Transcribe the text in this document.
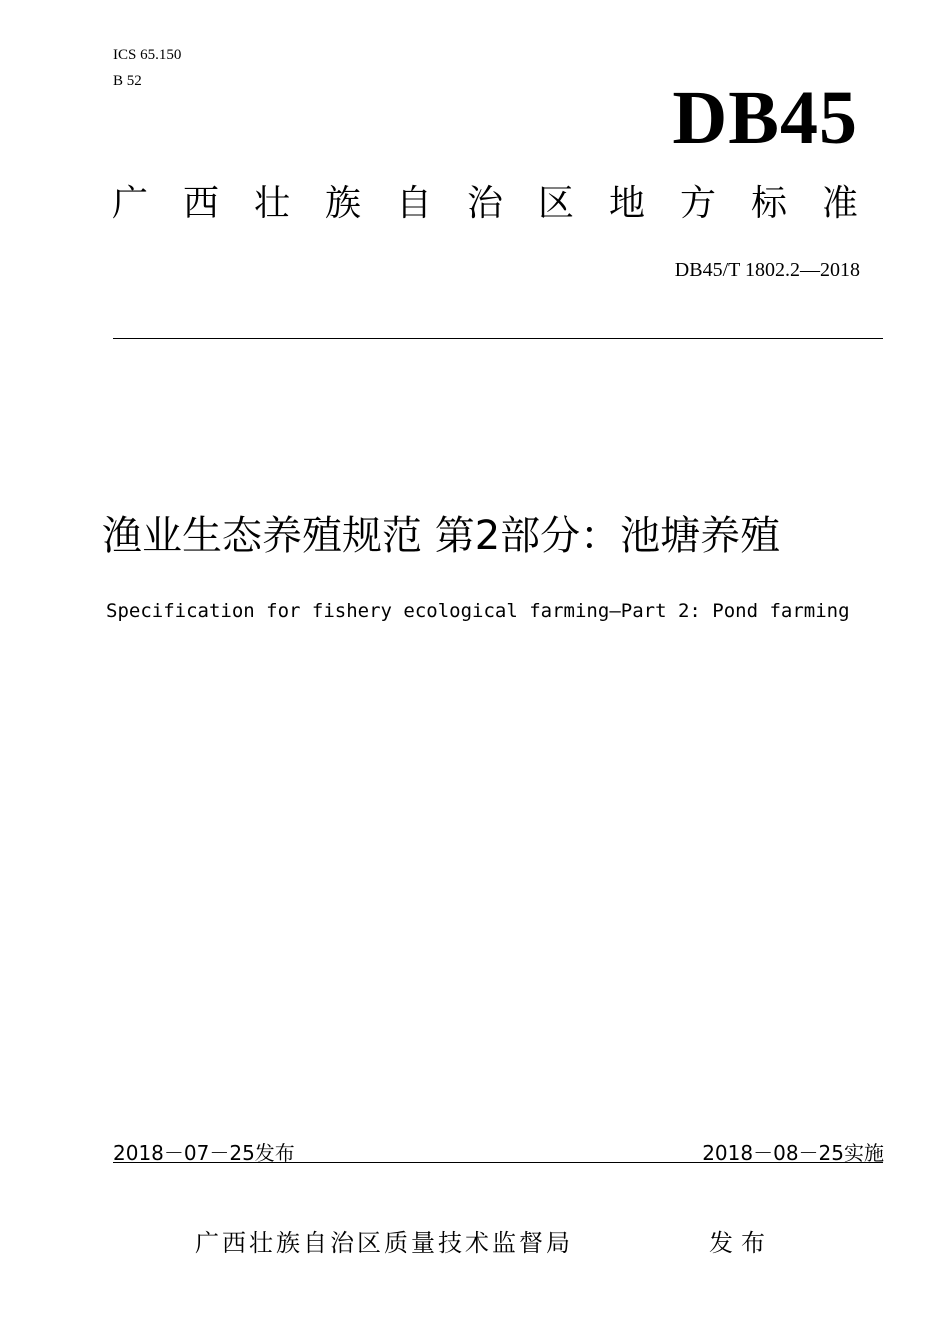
ICS 65.150
B 52	DB45
广西壮族自治区地方标准
DB45/T 1802.2—2018
渔业生态养殖规范 第2部分：池塘养殖
Specification for fishery ecological farming—Part 2: Pond farming
2018－07－25发布	2018－08－25实施
广西壮族自治区质量技术监督局	发布
